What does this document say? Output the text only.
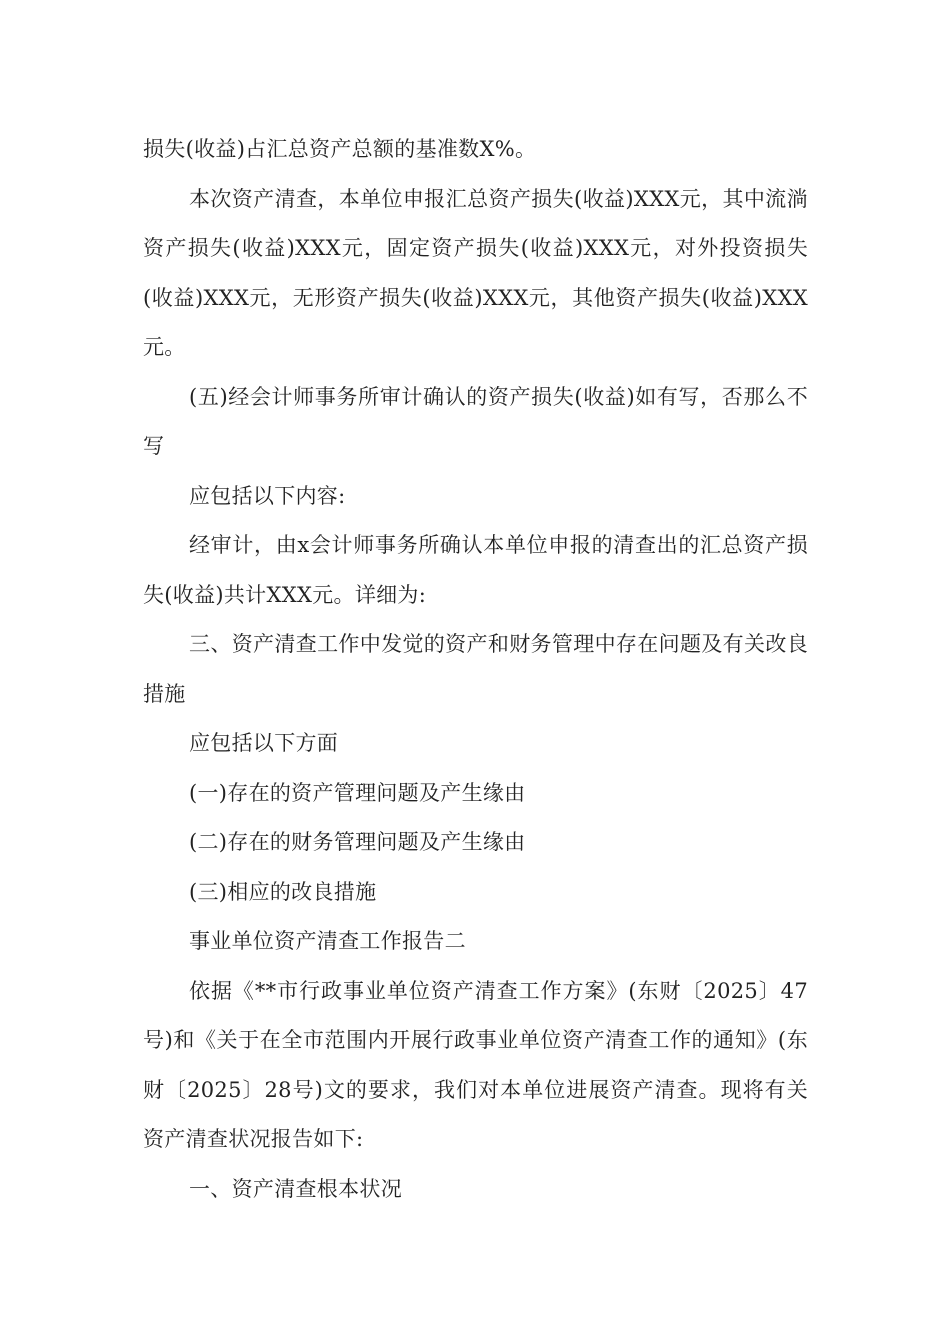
损失(收益)占汇总资产总额的基准数X%。

本次资产清查，本单位申报汇总资产损失(收益)XXX元，其中流淌资产损失(收益)XXX元，固定资产损失(收益)XXX元，对外投资损失(收益)XXX元，无形资产损失(收益)XXX元，其他资产损失(收益)XXX元。

(五)经会计师事务所审计确认的资产损失(收益)如有写，否那么不写

应包括以下内容:

经审计，由x会计师事务所确认本单位申报的清查出的汇总资产损失(收益)共计XXX元。详细为:

三、资产清查工作中发觉的资产和财务管理中存在问题及有关改良措施

应包括以下方面

(一)存在的资产管理问题及产生缘由

(二)存在的财务管理问题及产生缘由

(三)相应的改良措施

事业单位资产清查工作报告二

依据《**市行政事业单位资产清查工作方案》(东财〔2025〕47号)和《关于在全市范围内开展行政事业单位资产清查工作的通知》(东财〔2025〕28号)文的要求，我们对本单位进展资产清查。现将有关资产清查状况报告如下:

一、资产清查根本状况
